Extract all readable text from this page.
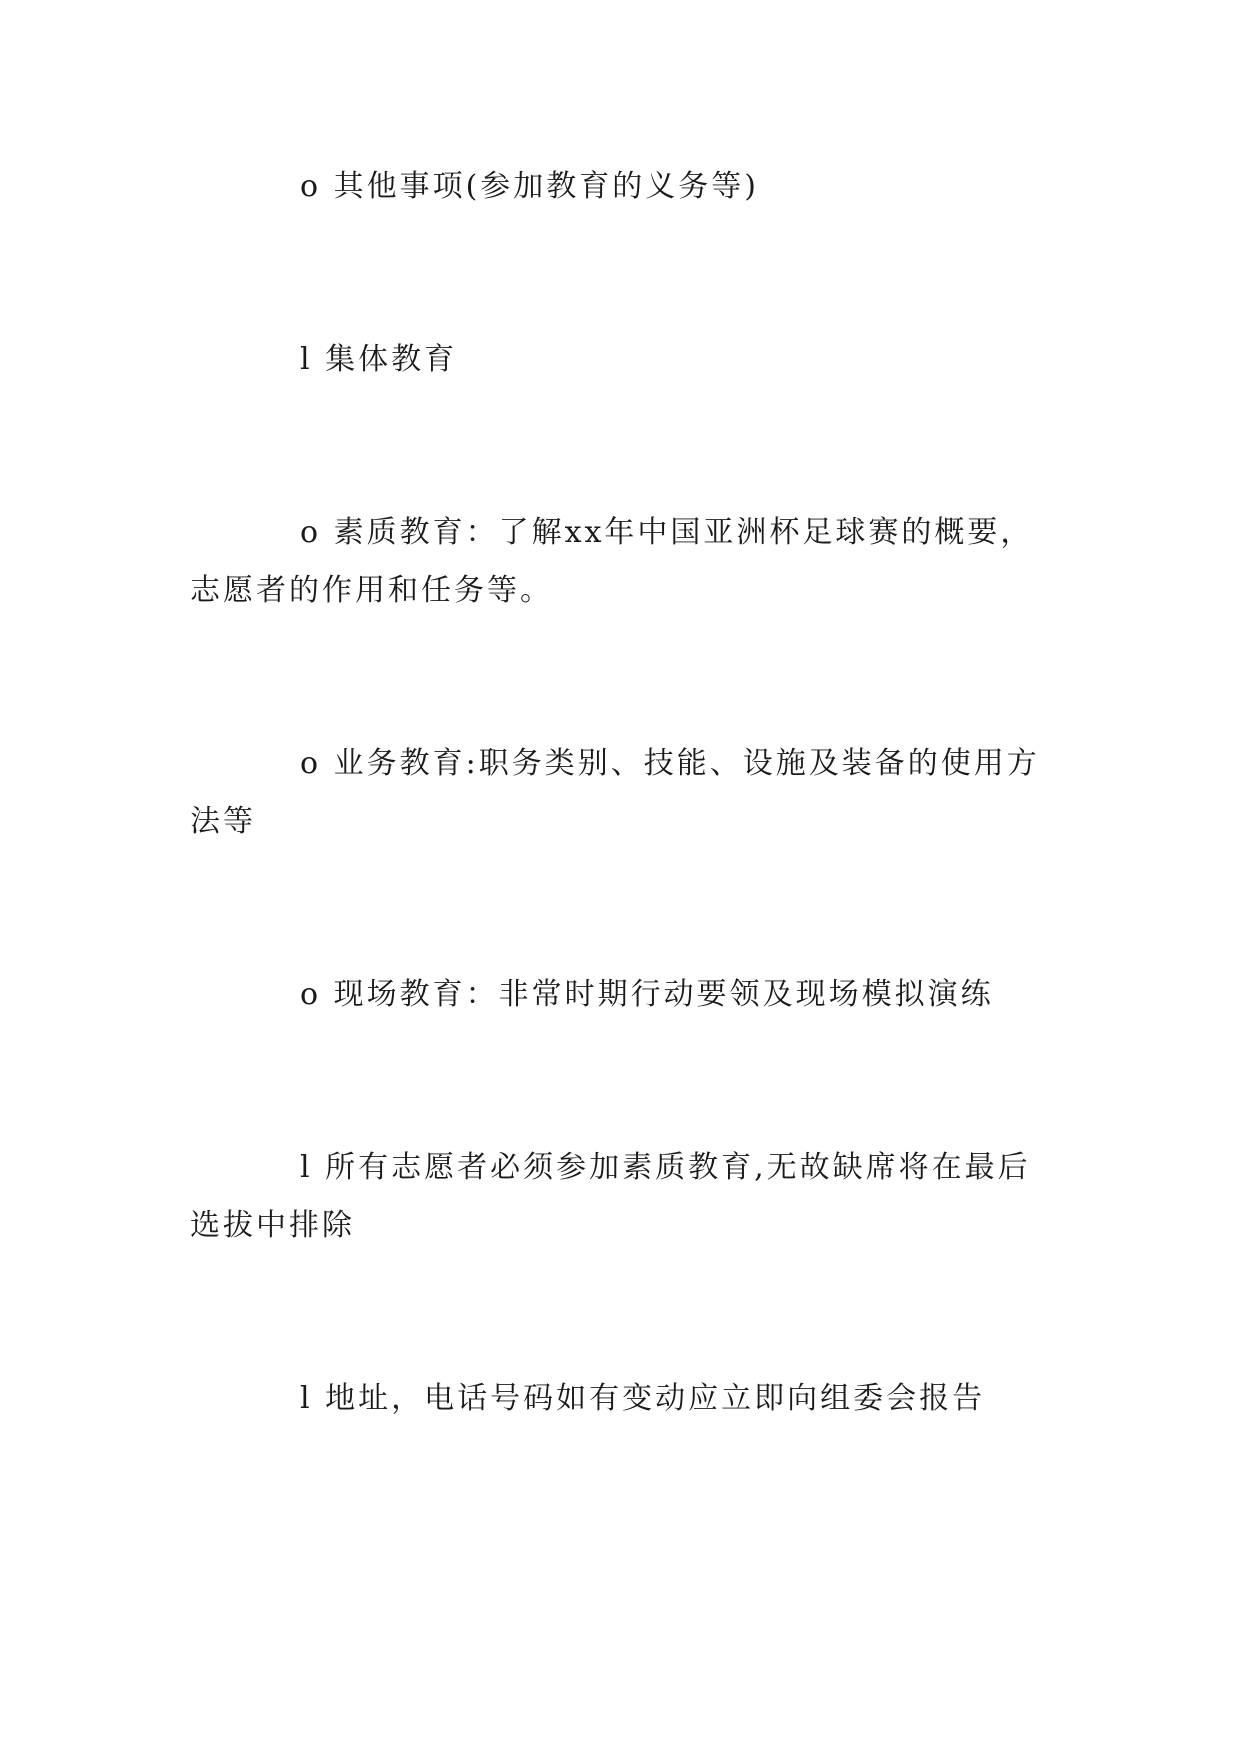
o 其他事项(参加教育的义务等)

l 集体教育

o 素质教育：了解xx年中国亚洲杯足球赛的概要，志愿者的作用和任务等。

o 业务教育:职务类别、技能、设施及装备的使用方法等

o 现场教育：非常时期行动要领及现场模拟演练

l 所有志愿者必须参加素质教育,无故缺席将在最后选拔中排除

l 地址，电话号码如有变动应立即向组委会报告
